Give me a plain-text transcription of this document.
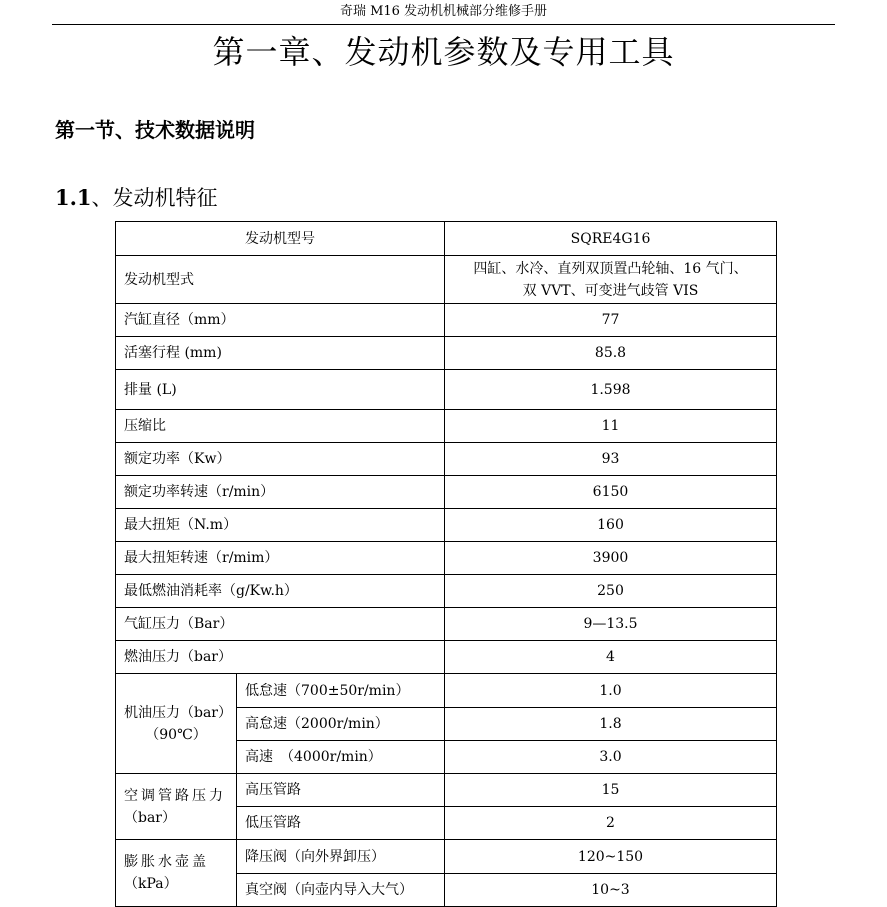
奇瑞 M16 发动机机械部分维修手册
第一章、发动机参数及专用工具
第一节、技术数据说明
1.1、发动机特征
发动机型号		SQRE4G16
发动机型式		四缸、水冷、直列双顶置凸轮轴、16 气门、
双 VVT、可变进气歧管 VIS

汽缸直径（mm）		77
活塞行程 (mm)		85.8
排量 (L)		1.598
压缩比		11
额定功率（Kw）		93
额定功率转速（r/min）		6150
最大扭矩（N.m）		160
最大扭矩转速（r/mim）		3900
最低燃油消耗率（g/Kw.h）		250
气缸压力（Bar）		9—13.5
燃油压力（bar）		4

机油压力（bar）
（90℃）	低怠速（700±50r/min）	1.0
	高怠速（2000r/min）	1.8
	高速　（4000r/min）	3.0

空调管路压力
（bar）	高压管路	15
	低压管路	2

膨胀水壶盖
（kPa）	降压阀（向外界卸压）	120~150
	真空阀（向壶内导入大气）	10~3
